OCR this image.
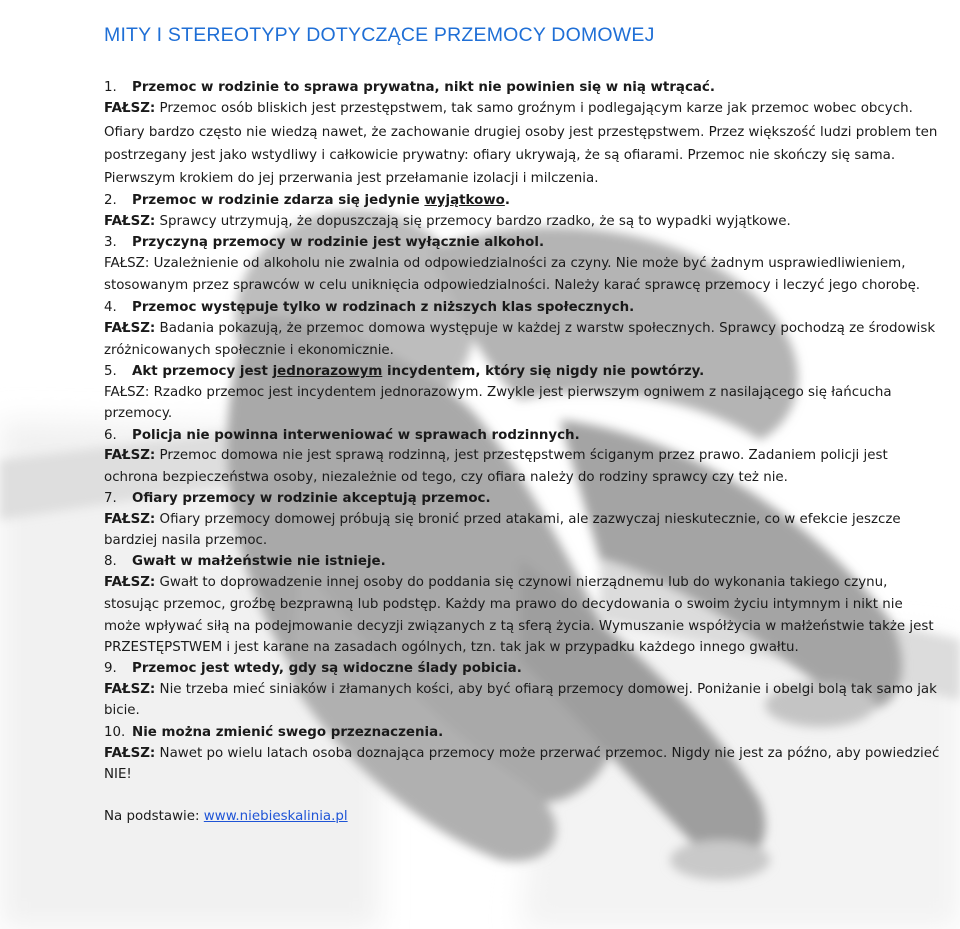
MITY I STEREOTYPY DOTYCZĄCE PRZEMOCY DOMOWEJ
1. Przemoc w rodzinie to sprawa prywatna, nikt nie powinien się w nią wtrącać.
FAŁSZ: Przemoc osób bliskich jest przestępstwem, tak samo groźnym i podlegającym karze jak przemoc wobec obcych.
Ofiary bardzo często nie wiedzą nawet, że zachowanie drugiej osoby jest przestępstwem. Przez większość ludzi problem ten
postrzegany jest jako wstydliwy i całkowicie prywatny: ofiary ukrywają, że są ofiarami. Przemoc nie skończy się sama.
Pierwszym krokiem do jej przerwania jest przełamanie izolacji i milczenia.
2. Przemoc w rodzinie zdarza się jedynie wyjątkowo.
FAŁSZ: Sprawcy utrzymują, że dopuszczają się przemocy bardzo rzadko, że są to wypadki wyjątkowe.
3. Przyczyną przemocy w rodzinie jest wyłącznie alkohol.
FAŁSZ: Uzależnienie od alkoholu nie zwalnia od odpowiedzialności za czyny. Nie może być żadnym usprawiedliwieniem,
stosowanym przez sprawców w celu uniknięcia odpowiedzialności. Należy karać sprawcę przemocy i leczyć jego chorobę.
4. Przemoc występuje tylko w rodzinach z niższych klas społecznych.
FAŁSZ: Badania pokazują, że przemoc domowa występuje w każdej z warstw społecznych. Sprawcy pochodzą ze środowisk
zróżnicowanych społecznie i ekonomicznie.
5. Akt przemocy jest jednorazowym incydentem, który się nigdy nie powtórzy.
FAŁSZ: Rzadko przemoc jest incydentem jednorazowym. Zwykle jest pierwszym ogniwem z nasilającego się łańcucha
przemocy.
6. Policja nie powinna interweniować w sprawach rodzinnych.
FAŁSZ: Przemoc domowa nie jest sprawą rodzinną, jest przestępstwem ściganym przez prawo. Zadaniem policji jest
ochrona bezpieczeństwa osoby, niezależnie od tego, czy ofiara należy do rodziny sprawcy czy też nie.
7. Ofiary przemocy w rodzinie akceptują przemoc.
FAŁSZ: Ofiary przemocy domowej próbują się bronić przed atakami, ale zazwyczaj nieskutecznie, co w efekcie jeszcze
bardziej nasila przemoc.
8. Gwałt w małżeństwie nie istnieje.
FAŁSZ: Gwałt to doprowadzenie innej osoby do poddania się czynowi nierządnemu lub do wykonania takiego czynu,
stosując przemoc, groźbę bezprawną lub podstęp. Każdy ma prawo do decydowania o swoim życiu intymnym i nikt nie
może wpływać siłą na podejmowanie decyzji związanych z tą sferą życia. Wymuszanie współżycia w małżeństwie także jest
PRZESTĘPSTWEM i jest karane na zasadach ogólnych, tzn. tak jak w przypadku każdego innego gwałtu.
9. Przemoc jest wtedy, gdy są widoczne ślady pobicia.
FAŁSZ: Nie trzeba mieć siniaków i złamanych kości, aby być ofiarą przemocy domowej. Poniżanie i obelgi bolą tak samo jak
bicie.
10. Nie można zmienić swego przeznaczenia.
FAŁSZ: Nawet po wielu latach osoba doznająca przemocy może przerwać przemoc. Nigdy nie jest za późno, aby powiedzieć
NIE!
Na podstawie: www.niebieskalinia.pl
